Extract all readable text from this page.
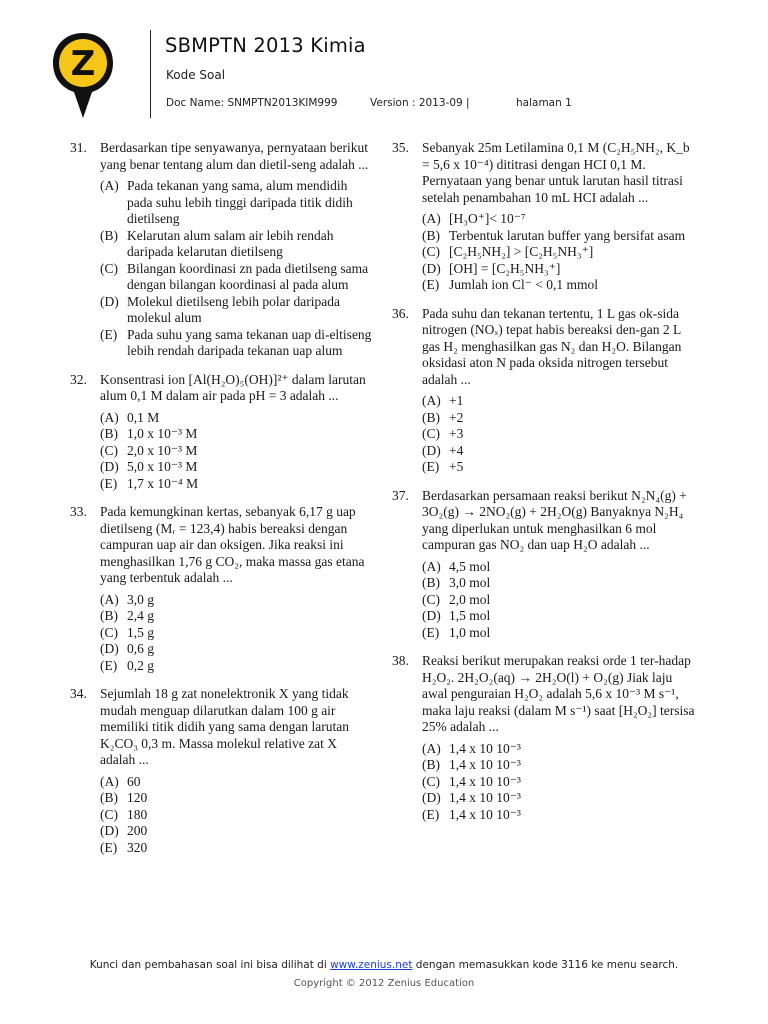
Z	SBMPTN 2013 Kimia
Kode Soal
Doc Name: SNMPTN2013KIM999	Version : 2013-09 |	halaman 1
31. Berdasarkan tipe senyawanya, pernyataan berikut yang benar tentang alum dan dietil-seng adalah ...
(A) Pada tekanan yang sama, alum mendidih pada suhu lebih tinggi daripada titik didih dietilseng
(B) Kelarutan alum salam air lebih rendah daripada kelarutan dietilseng
(C) Bilangan koordinasi zn pada dietilseng sama dengan bilangan koordinasi al pada alum
(D) Molekul dietilseng lebih polar daripada molekul alum
(E) Pada suhu yang sama tekanan uap di-eltiseng lebih rendah daripada tekanan uap alum
32. Konsentrasi ion [Al(H₂O)₅(OH)]²⁺ dalam larutan alum 0,1 M dalam air pada pH = 3 adalah ...
(A) 0,1 M
(B) 1,0 x 10⁻³ M
(C) 2,0 x 10⁻³ M
(D) 5,0 x 10⁻³ M
(E) 1,7 x 10⁻⁴ M
33. Pada kemungkinan kertas, sebanyak 6,17 g uap dietilseng (Mᵣ = 123,4) habis bereaksi dengan campuran uap air dan oksigen. Jika reaksi ini menghasilkan 1,76 g CO₂, maka massa gas etana yang terbentuk adalah ...
(A) 3,0 g
(B) 2,4 g
(C) 1,5 g
(D) 0,6 g
(E) 0,2 g
34. Sejumlah 18 g zat nonelektronik X yang tidak mudah menguap dilarutkan dalam 100 g air memiliki titik didih yang sama dengan larutan K₂CO₃ 0,3 m. Massa molekul relative zat X adalah ...
(A) 60
(B) 120
(C) 180
(D) 200
(E) 320
35. Sebanyak 25m Letilamina 0,1 M (C₂H₅NH₂, K_b = 5,6 x 10⁻⁴) dititrasi dengan HCI 0,1 M. Pernyataan yang benar untuk larutan hasil titrasi setelah penambahan 10 mL HCI adalah ...
(A) [H₃O⁺]< 10⁻⁷
(B) Terbentuk larutan buffer yang bersifat asam
(C) [C₂H₅NH₂] > [C₂H₅NH₃⁺]
(D) [OH] = [C₂H₅NH₃⁺]
(E) Jumlah ion Cl⁻ < 0,1 mmol
36. Pada suhu dan tekanan tertentu, 1 L gas ok-sida nitrogen (NOₓ) tepat habis bereaksi den-gan 2 L gas H₂ menghasilkan gas N₂ dan H₂O. Bilangan oksidasi aton N pada oksida nitrogen tersebut adalah ...
(A) +1
(B) +2
(C) +3
(D) +4
(E) +5
37. Berdasarkan persamaan reaksi berikut N₂N₄(g) + 3O₂(g) → 2NO₂(g) + 2H₂O(g) Banyaknya N₂H₄ yang diperlukan untuk menghasilkan 6 mol campuran gas NO₂ dan uap H₂O adalah ...
(A) 4,5 mol
(B) 3,0 mol
(C) 2,0 mol
(D) 1,5 mol
(E) 1,0 mol
38. Reaksi berikut merupakan reaksi orde 1 ter-hadap H₂O₂. 2H₂O₂(aq) → 2H₂O(l) + O₂(g) Jiak laju awal penguraian H₂O₂ adalah 5,6 x 10⁻³ M s⁻¹, maka laju reaksi (dalam M s⁻¹) saat [H₂O₂] tersisa 25% adalah ...
(A) 1,4 x 10 10⁻³
(B) 1,4 x 10 10⁻³
(C) 1,4 x 10 10⁻³
(D) 1,4 x 10 10⁻³
(E) 1,4 x 10 10⁻³
Kunci dan pembahasan soal ini bisa dilihat di www.zenius.net dengan memasukkan kode 3116 ke menu search.
Copyright © 2012 Zenius Education
